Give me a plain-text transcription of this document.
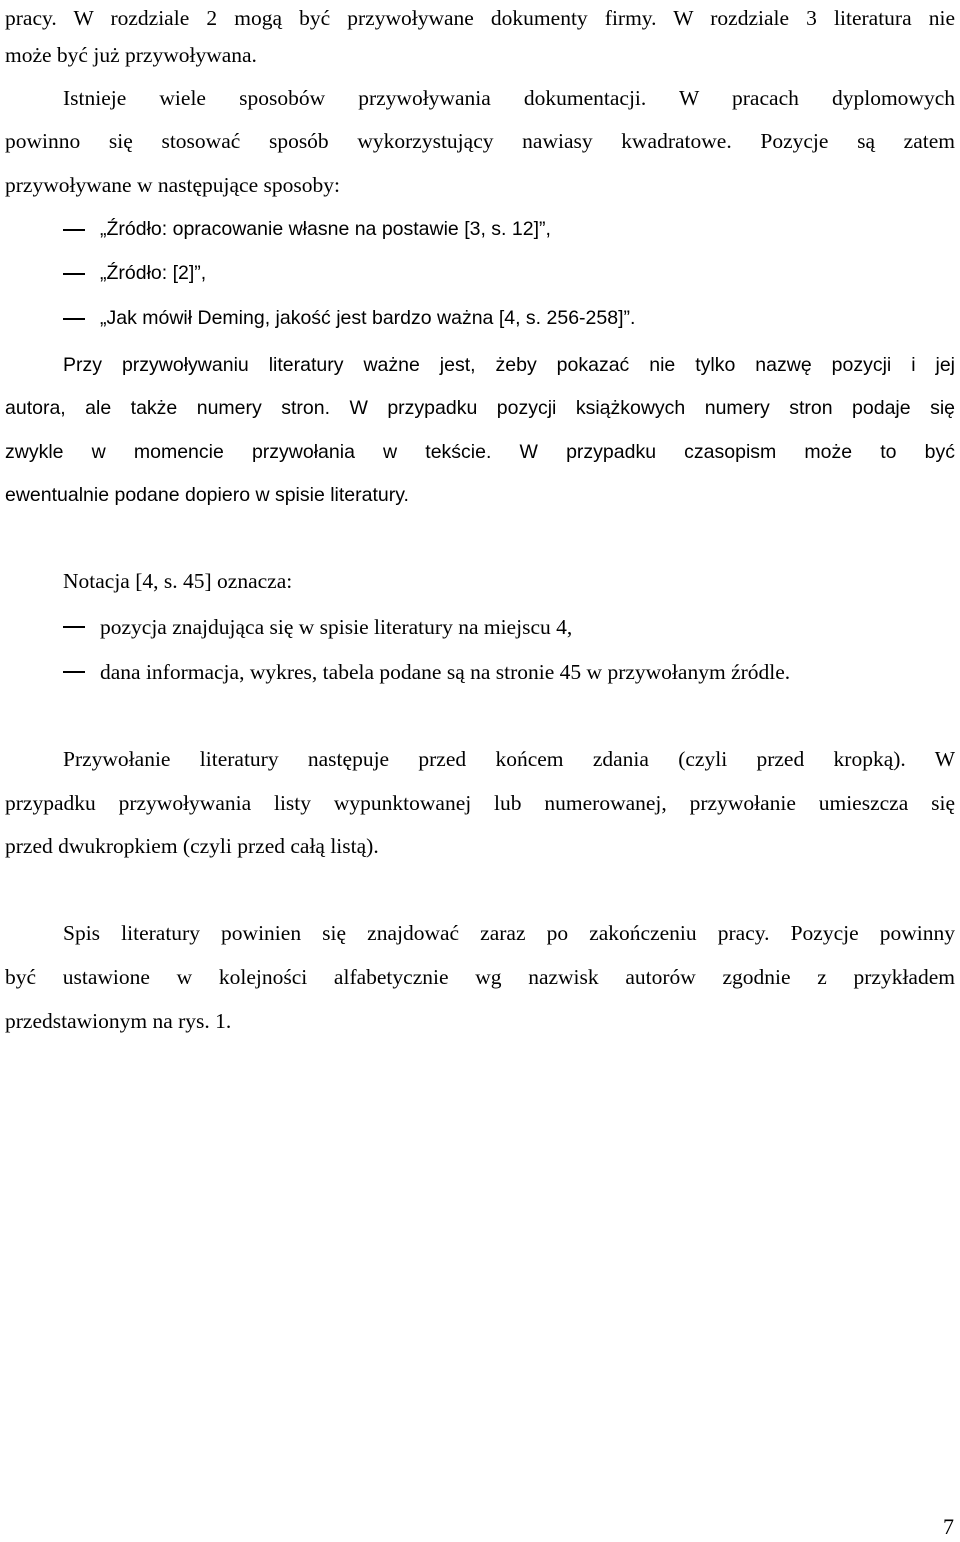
pracy. W rozdziale 2 mogą być przywoływane dokumenty firmy. W rozdziale 3 literatura nie
może być już przywoływana.
Istnieje wiele sposobów przywoływania dokumentacji. W pracach dyplomowych
powinno się stosować sposób wykorzystujący nawiasy kwadratowe. Pozycje są zatem
przywoływane w następujące sposoby:
„Źródło: opracowanie własne na postawie [3, s. 12]”,
„Źródło: [2]”,
„Jak mówił Deming, jakość jest bardzo ważna [4, s. 256-258]”.
Przy przywoływaniu literatury ważne jest, żeby pokazać nie tylko nazwę pozycji i jej
autora, ale także numery stron. W przypadku pozycji książkowych numery stron podaje się
zwykle w momencie przywołania w tekście. W przypadku czasopism może to być
ewentualnie podane dopiero w spisie literatury.
Notacja [4, s. 45] oznacza:
pozycja znajdująca się w spisie literatury na miejscu 4,
dana informacja, wykres, tabela podane są na stronie 45 w przywołanym źródle.
Przywołanie literatury następuje przed końcem zdania (czyli przed kropką). W
przypadku przywoływania listy wypunktowanej lub numerowanej, przywołanie umieszcza się
przed dwukropkiem (czyli przed całą listą).
Spis literatury powinien się znajdować zaraz po zakończeniu pracy. Pozycje powinny
być ustawione w kolejności alfabetycznie wg nazwisk autorów zgodnie z przykładem
przedstawionym na rys. 1.
7
